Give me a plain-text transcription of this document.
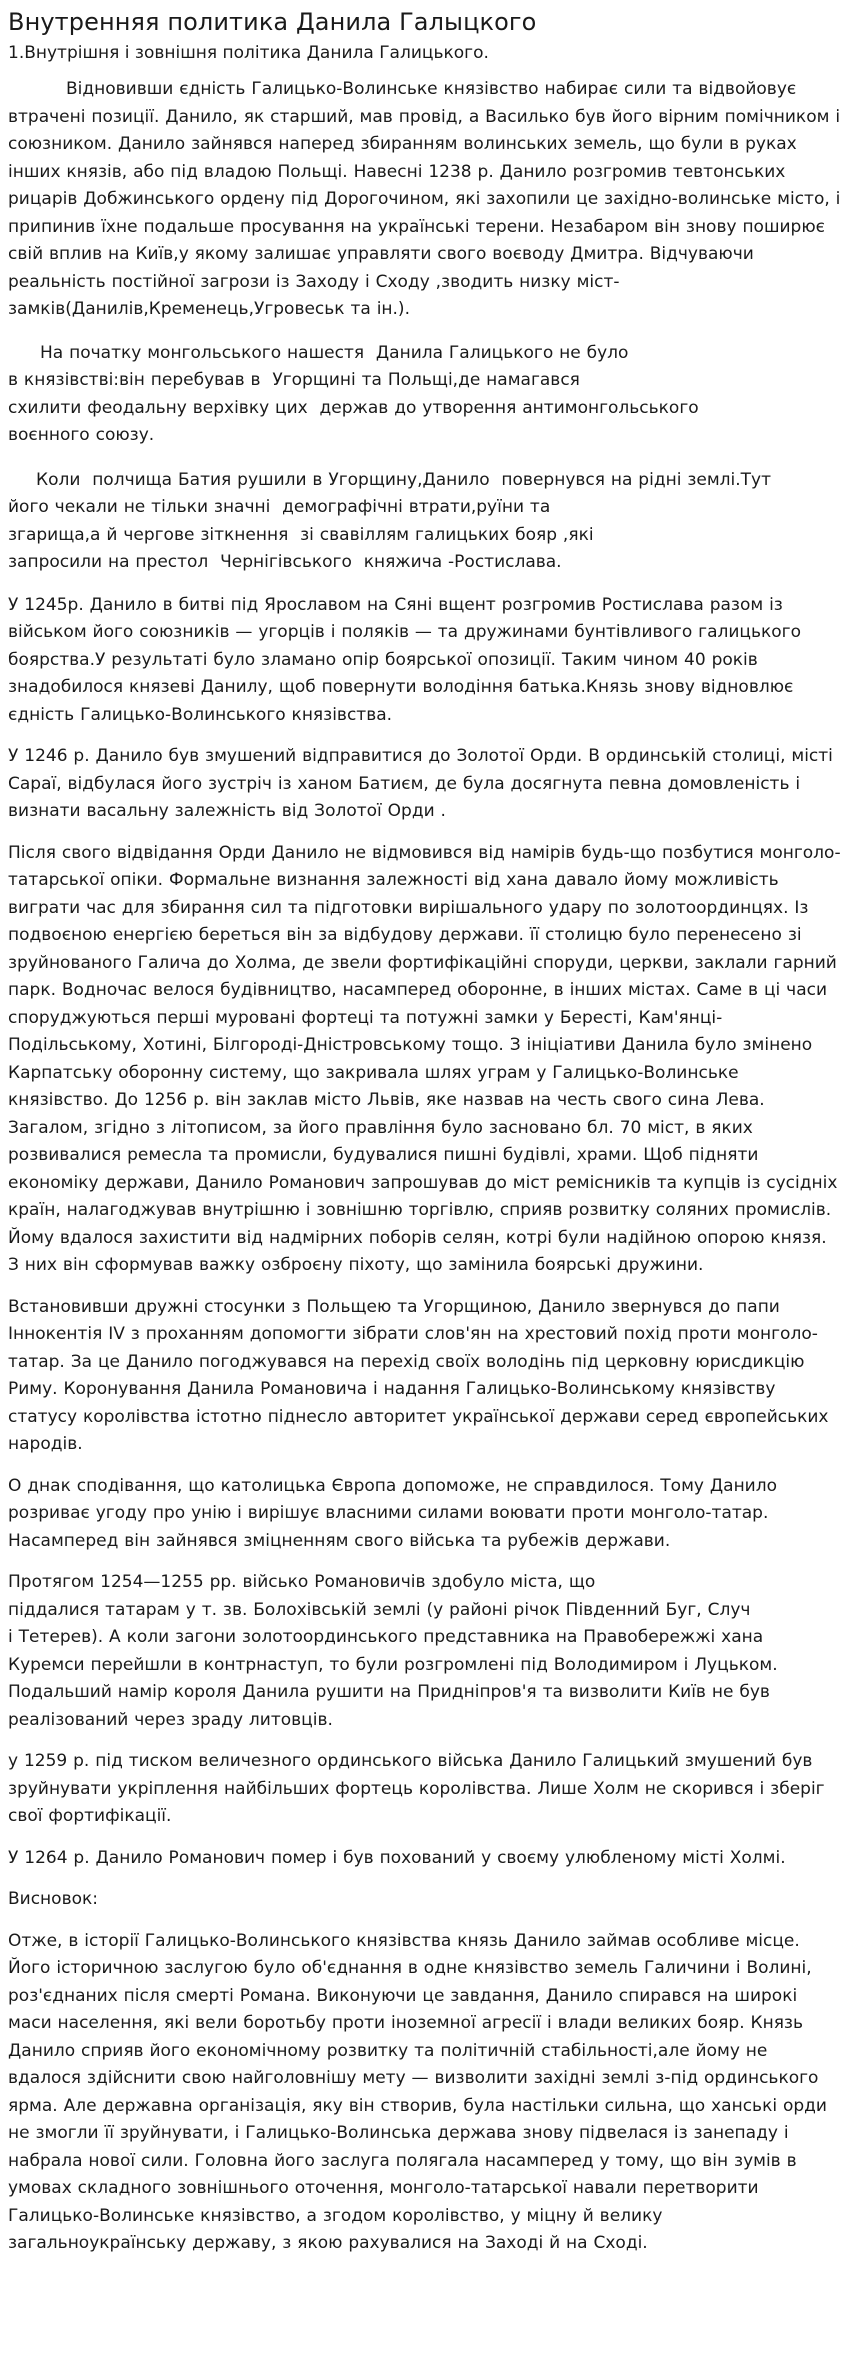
Внутренняя политика Данила Галыцкого
1.Внутрішня і зовнішня політика Данила Галицького.

Відновивши єдність Галицько-Волинське князівство набирає сили та відвойовує втрачені позиції. Данило, як старший, мав провід, а Василько був його вірним помічником і союзником. Данило зайнявся наперед збиранням волинських земель, що були в руках інших князів, або під владою Польщі. Навесні 1238 р. Данило розгромив тевтонських рицарів Добжинського ордену під Дорогочином, які захопили це західно-волинське місто, і припинив їхне подальше просування на українські терени. Незабаром він знову поширює свій вплив на Київ,у якому залишає управляти свого воєводу Дмитра. Відчуваючи реальність постійної загрози із Заходу і Сходу ,зводить низку міст-замків(Данилів,Кременець,Угровеськ та ін.).

На початку монгольського нашестя  Данила Галицького не було
в князівстві:він перебував в  Угорщині та Польщі,де намагався
схилити феодальну верхівку цих  держав до утворення антимонгольського
воєнного союзу.

Коли  полчища Батия рушили в Угорщину,Данило  повернувся на рідні землі.Тут
його чекали не тільки значні  демографічні втрати,руїни та
згарища,а й чергове зіткнення  зі свавіллям галицьких бояр ,які
запросили на престол  Чернігівського  княжича -Ростислава.

У 1245р. Данило в битві під Ярославом на Сяні вщент розгромив Ростислава разом із військом його союзників — угорців і поляків — та дружинами бунтівливого галицького боярства.У результаті було зламано опір боярської опозиції. Таким чином 40 років знадобилося князеві Данилу, щоб повернути володіння батька.Князь знову відновлює єдність Галицько-Волинського князівства.

У 1246 р. Данило був змушений відправитися до Золотої Орди. В ординській столиці, місті Сараї, відбулася його зустріч із ханом Батиєм, де була досягнута певна домовленість і визнати васальну залежність від Золотої Орди .

Після свого відвідання Орди Данило не відмовився від намірів будь-що позбутися монголо-татарської опіки. Формальне визнання залежності від хана давало йому можливість виграти час для збирання сил та підготовки вирішального удару по золотоординцях. Із подвоєною енергією береться він за відбудову держави. її столицю було перенесено зі зруйнованого Галича до Холма, де звели фортифікаційні споруди, церкви, заклали гарний парк. Водночас велося будівництво, насамперед оборонне, в інших містах. Саме в ці часи споруджуються перші муровані фортеці та потужні замки у Бересті, Кам'янці-Подільському, Хотині, Білгороді-Дністровському тощо. З ініціативи Данила було змінено Карпатську оборонну систему, що закривала шлях уграм у Галицько-Волинське князівство. До 1256 р. він заклав місто Львів, яке назвав на честь свого сина Лева. Загалом, згідно з літописом, за його правління було засновано бл. 70 міст, в яких розвивалися ремесла та промисли, будувалися пишні будівлі, храми. Щоб підняти економіку держави, Данило Романович запрошував до міст ремісників та купців із сусідніх країн, налагоджував внутрішню і зовнішню торгівлю, сприяв розвитку соляних промислів. Йому вдалося захистити від надмірних поборів селян, котрі були надійною опорою князя. З них він сформував важку озброєну піхоту, що замінила боярські дружини.

Встановивши дружні стосунки з Польщею та Угорщиною, Данило звернувся до папи Іннокентія IV з проханням допомогти зібрати слов'ян на хрестовий похід проти монголо-татар. За це Данило погоджувався на перехід своїх володінь під церковну юрисдикцію Риму. Коронування Данила Романовича і надання Галицько-Волинському князівству статусу королівства істотно піднесло авторитет української держави серед європейських народів.

О днак сподівання, що католицька Європа допоможе, не справдилося. Тому Данило розриває угоду про унію і вирішує власними силами воювати проти монголо-татар. Насамперед він зайнявся зміцненням свого війська та рубежів держави.

Протягом 1254—1255 рр. військо Романовичів здобуло міста, що
піддалися татарам у т. зв. Болохівській землі (у районі річок Південний Буг, Случ
і Тетерев). А коли загони золотоординського представника на Правобережжі хана Куремси перейшли в контрнаступ, то були розгромлені під Володимиром і Луцьком. Подальший намір короля Данила рушити на Придніпров'я та визволити Київ не був реалізований через зраду литовців.

у 1259 р. під тиском величезного ординського війська Данило Галицький змушений був зруйнувати укріплення найбільших фортець королівства. Лише Холм не скорився і зберіг свої фортифікації.

У 1264 р. Данило Романович помер і був похований у своєму улюбленому місті Холмі.

Висновок:

Отже, в історії Галицько-Волинського князівства князь Данило займав особливе місце. Його історичною заслугою було об'єднання в одне князівство земель Галичини і Волині, роз'єднаних після смерті Романа. Виконуючи це завдання, Данило спирався на широкі маси населення, які вели боротьбу проти іноземної агресії і влади великих бояр. Князь Данило сприяв його економічному розвитку та політичній стабільності,але йому не вдалося здійснити свою найголовнішу мету — визволити західні землі з-під ординського ярма. Але державна організація, яку він створив, була настільки сильна, що ханські орди не змогли її зруйнувати, і Галицько-Волинська держава знову підвелася із занепаду і набрала нової сили. Головна його заслуга полягала насамперед у тому, що він зумів в умовах складного зовнішнього оточення, монголо-татарської навали перетворити Галицько-Волинське князівство, а згодом королівство, у міцну й велику загальноукраїнську державу, з якою рахувалися на Заході й на Сході.
